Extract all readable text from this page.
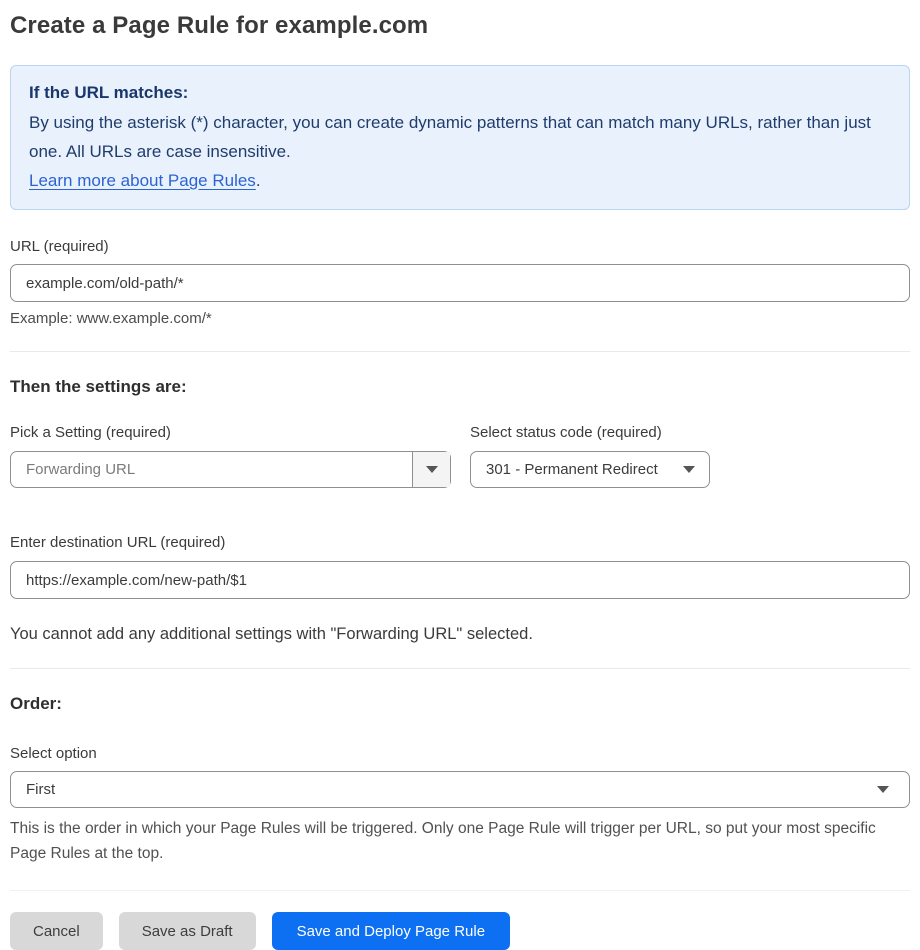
Create a Page Rule for example.com
If the URL matches:
By using the asterisk (*) character, you can create dynamic patterns that can match many URLs, rather than just one. All URLs are case insensitive.
Learn more about Page Rules.
URL (required)
example.com/old-path/*
Example: www.example.com/*
Then the settings are:
Pick a Setting (required)
Forwarding URL
Select status code (required)
301 - Permanent Redirect
Enter destination URL (required) https://example.com/new-path/$1
You cannot add any additional settings with "Forwarding URL" selected.
Order:
Select option
First
This is the order in which your Page Rules will be triggered. Only one Page Rule will trigger per URL, so put your most specific Page Rules at the top.
Cancel	Save as Draft	Save and Deploy Page Rule
